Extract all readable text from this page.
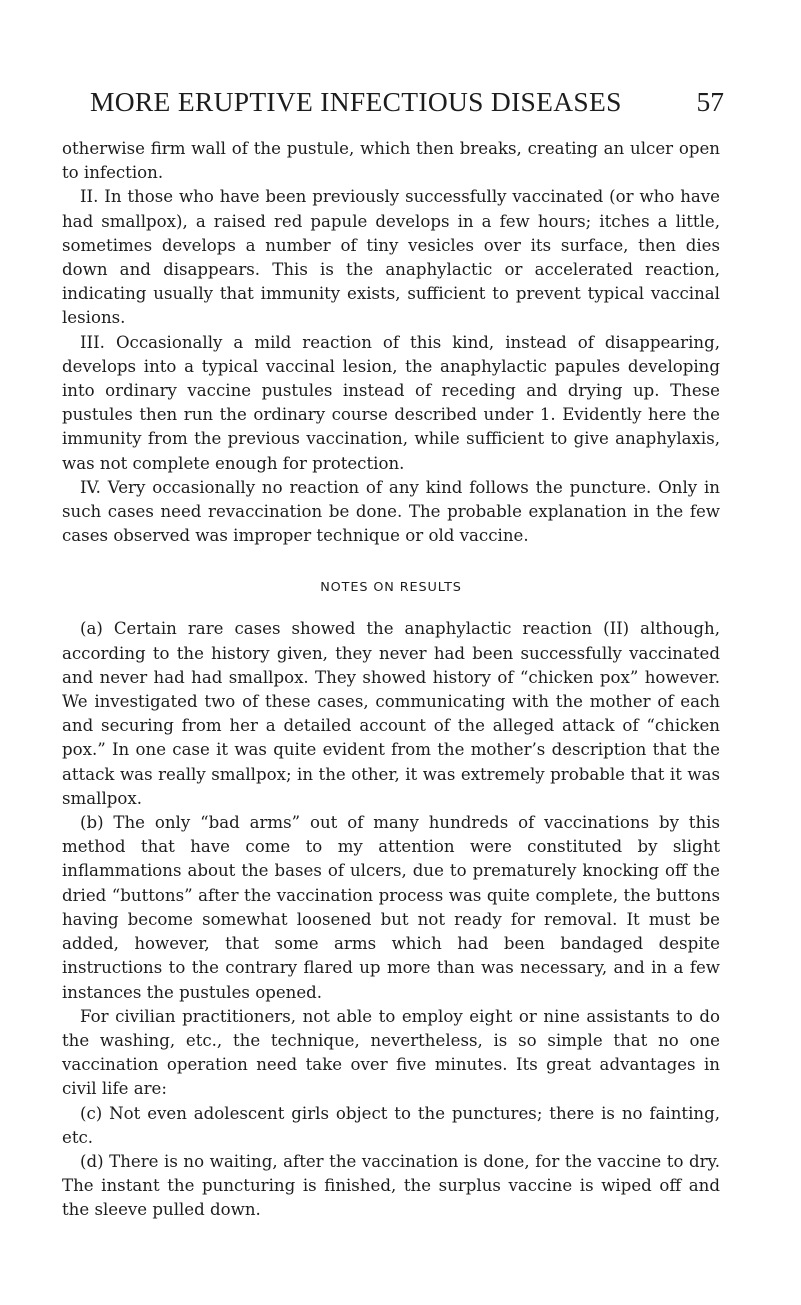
MORE ERUPTIVE INFECTIOUS DISEASES	57

otherwise firm wall of the pustule, which then breaks, creating an ulcer open to infection.

II. In those who have been previously successfully vaccinated (or who have had smallpox), a raised red papule develops in a few hours; itches a little, sometimes develops a number of tiny vesicles over its surface, then dies down and disappears. This is the anaphylactic or accelerated reaction, indicating usually that immunity exists, sufficient to prevent typical vaccinal lesions.

III. Occasionally a mild reaction of this kind, instead of disappearing, develops into a typical vaccinal lesion, the anaphylactic papules developing into ordinary vaccine pustules instead of receding and drying up. These pustules then run the ordinary course described under 1. Evidently here the immunity from the previous vaccination, while sufficient to give anaphylaxis, was not complete enough for protection.

IV. Very occasionally no reaction of any kind follows the puncture. Only in such cases need revaccination be done. The probable explanation in the few cases observed was improper technique or old vaccine.

NOTES ON RESULTS

(a) Certain rare cases showed the anaphylactic reaction (II) although, according to the history given, they never had been successfully vaccinated and never had had smallpox. They showed history of “chicken pox” however. We investigated two of these cases, communicating with the mother of each and securing from her a detailed account of the alleged attack of “chicken pox.” In one case it was quite evident from the mother’s description that the attack was really smallpox; in the other, it was extremely probable that it was smallpox.

(b) The only “bad arms” out of many hundreds of vaccinations by this method that have come to my attention were constituted by slight inflammations about the bases of ulcers, due to prematurely knocking off the dried “buttons” after the vaccination process was quite complete, the buttons having become somewhat loosened but not ready for removal. It must be added, however, that some arms which had been bandaged despite instructions to the contrary flared up more than was necessary, and in a few instances the pustules opened.

For civilian practitioners, not able to employ eight or nine assistants to do the washing, etc., the technique, nevertheless, is so simple that no one vaccination operation need take over five minutes. Its great advantages in civil life are:

(c) Not even adolescent girls object to the punctures; there is no fainting, etc.

(d) There is no waiting, after the vaccination is done, for the vaccine to dry. The instant the puncturing is finished, the surplus vaccine is wiped off and the sleeve pulled down.
